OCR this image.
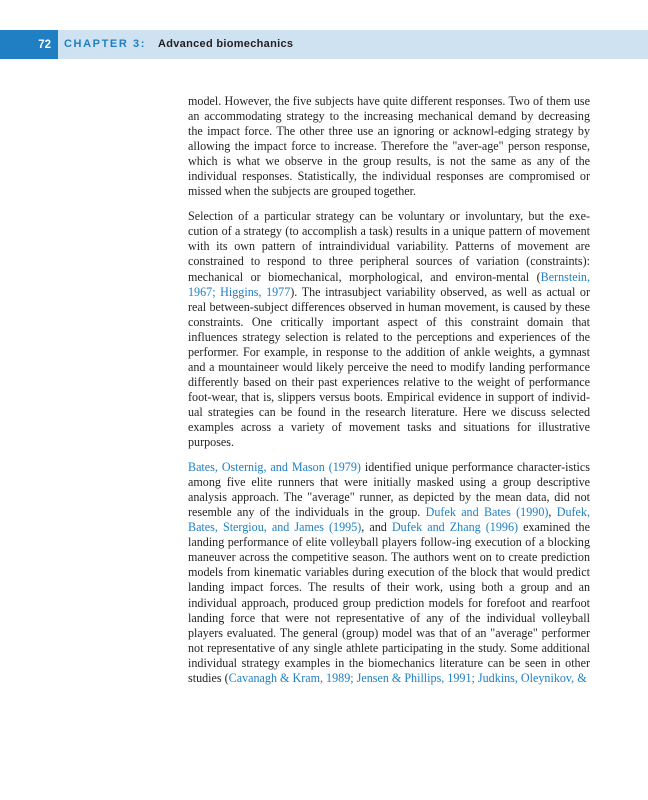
72	CHAPTER 3: Advanced biomechanics

model. However, the five subjects have quite different responses. Two of them use an accommodating strategy to the increasing mechanical demand by decreasing the impact force. The other three use an ignoring or acknowl-edging strategy by allowing the impact force to increase. Therefore the "aver-age" person response, which is what we observe in the group results, is not the same as any of the individual responses. Statistically, the individual responses are compromised or missed when the subjects are grouped together.

Selection of a particular strategy can be voluntary or involuntary, but the exe-cution of a strategy (to accomplish a task) results in a unique pattern of movement with its own pattern of intraindividual variability. Patterns of movement are constrained to respond to three peripheral sources of variation (constraints): mechanical or biomechanical, morphological, and environ-mental (Bernstein, 1967; Higgins, 1977). The intrasubject variability observed, as well as actual or real between-subject differences observed in human movement, is caused by these constraints. One critically important aspect of this constraint domain that influences strategy selection is related to the perceptions and experiences of the performer. For example, in response to the addition of ankle weights, a gymnast and a mountaineer would likely perceive the need to modify landing performance differently based on their past experiences relative to the weight of performance foot-wear, that is, slippers versus boots. Empirical evidence in support of individ-ual strategies can be found in the research literature. Here we discuss selected examples across a variety of movement tasks and situations for illustrative purposes.

Bates, Osternig, and Mason (1979) identified unique performance character-istics among five elite runners that were initially masked using a group descriptive analysis approach. The "average" runner, as depicted by the mean data, did not resemble any of the individuals in the group. Dufek and Bates (1990), Dufek, Bates, Stergiou, and James (1995), and Dufek and Zhang (1996) examined the landing performance of elite volleyball players follow-ing execution of a blocking maneuver across the competitive season. The authors went on to create prediction models from kinematic variables during execution of the block that would predict landing impact forces. The results of their work, using both a group and an individual approach, produced group prediction models for forefoot and rearfoot landing force that were not representative of any of the individual volleyball players evaluated. The general (group) model was that of an "average" performer not representative of any single athlete participating in the study. Some additional individual strategy examples in the biomechanics literature can be seen in other studies (Cavanagh & Kram, 1989; Jensen & Phillips, 1991; Judkins, Oleynikov, &
